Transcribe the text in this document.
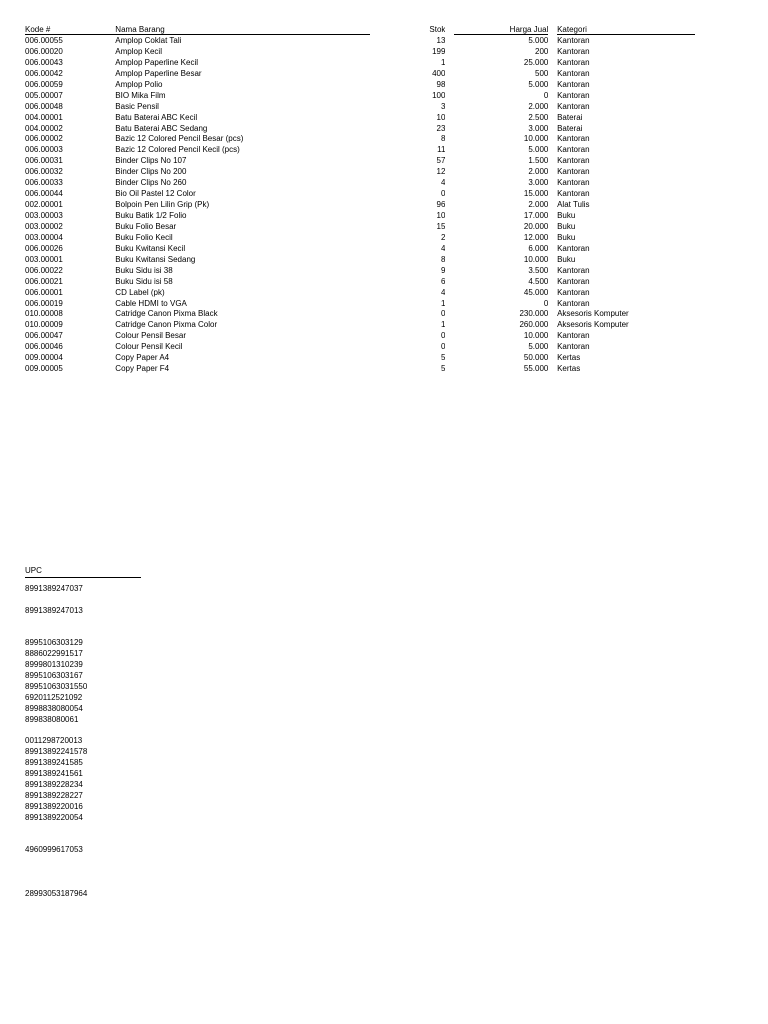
Kode #	Nama Barang	Stok	Harga Jual Kategori
006.00055	Amplop Coklat Tali	13	5.000 Kantoran
006.00020	Amplop Kecil	199	200 Kantoran
006.00043	Amplop Paperline Kecil	1	25.000 Kantoran
006.00042	Amplop Paperline Besar	400	500 Kantoran
006.00059	Amplop Polio	98	5.000 Kantoran
005.00007	BIO Mika Film	100	0 Kantoran
006.00048	Basic Pensil	3	2.000 Kantoran
004.00001	Batu Baterai ABC Kecil	10	2.500 Baterai
004.00002	Batu Baterai ABC Sedang	23	3.000 Baterai
006.00002	Bazic 12 Colored Pencil Besar (pcs)	8	10.000 Kantoran
006.00003	Bazic 12 Colored Pencil Kecil (pcs)	11	5.000 Kantoran
006.00031	Binder Clips No 107	57	1.500 Kantoran
006.00032	Binder Clips No 200	12	2.000 Kantoran
006.00033	Binder Clips No 260	4	3.000 Kantoran
006.00044	Bio Oil Pastel 12 Color	0	15.000 Kantoran
002.00001	Bolpoin Pen Lilin Grip (Pk)	96	2.000 Alat Tulis
003.00003	Buku Batik 1/2 Folio	10	17.000 Buku
003.00002	Buku Folio Besar	15	20.000 Buku
003.00004	Buku Folio Kecil	2	12.000 Buku
006.00026	Buku Kwitansi Kecil	4	6.000 Kantoran
003.00001	Buku Kwitansi Sedang	8	10.000 Buku
006.00022	Buku Sidu isi 38	9	3.500 Kantoran
006.00021	Buku Sidu isi 58	6	4.500 Kantoran
006.00001	CD Label (pk)	4	45.000 Kantoran
006.00019	Cable HDMI to VGA	1	0 Kantoran
010.00008	Catridge Canon Pixma Black	0	230.000 Aksesoris Komputer
010.00009	Catridge Canon Pixma Color	1	260.000 Aksesoris Komputer
006.00047	Colour Pensil Besar	0	10.000 Kantoran
006.00046	Colour Pensil Kecil	0	5.000 Kantoran
009.00004	Copy Paper A4	5	50.000 Kertas
009.00005	Copy Paper F4	5	55.000 Kertas
UPC
8991389247037
8991389247013
8995106303129
8886022991517
8999801310239
8995106303167
89951063031550
6920112521092
8998838080054
899838080061
0011298720013
89913892241578
8991389241585
8991389241561
8991389228234
8991389228227
8991389220016
8991389220054
4960999617053
28993053187964
